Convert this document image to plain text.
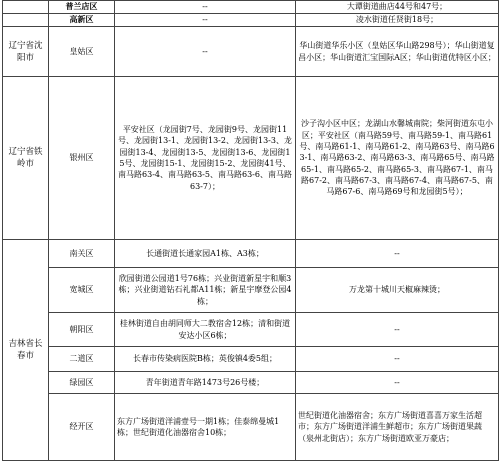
	普兰店区	--	大谭街道曲店44号和47号；
	高新区	--	凌水街道任贤街18号；
辽宁省沈阳市	皇姑区	--	华山街道华乐小区（皇姑区华山路298号）；华山街道复昌小区；华山街道汇宝国际A区；华山街道优特区小区；
辽宁省铁岭市	银州区	平安社区（龙园街7号、龙园街9号、龙园街11号、龙园街13-1、龙园街13-2、龙园街13-3、龙园街13-4、龙园街13-5、龙园街13-6、龙园街15号、龙园街15-1、龙园街15-2、龙园街41号、南马路63-4、南马路63-5、南马路63-6、南马路63-7）；	沙子沟小区中区；龙湖山水馨城南院；柴河街道东屯小区；平安社区（南马路59号、南马路59-1、南马路61号、南马路61-1、南马路61-2、南马路63号、南马路63-1、南马路63-2、南马路63-3、南马路65号、南马路65-1、南马路65-2、南马路65-3、南马路67-1、南马路67-2、南马路67-3、南马路67-4、南马路67-5、南马路67-6、南马路69号和龙园街5号）；
吉林省长春市	南关区	长通街道长通家园A1栋、A3栋；	--
	宽城区	欣园街道公园道1号76栋；兴业街道新星宇和顺3栋；兴业街道钻石礼都A11栋；新星宇摩登公园4栋；	万龙第十城川天椒麻辣烫；
	朝阳区	桂林街道自由胡同师大二教宿舍12栋；清和街道安达小区6栋；	--
	二道区	长春市传染病医院B栋；英俊镇4委5组；	--
	绿园区	青年街道青年路1473号26号楼；	--
	经开区	东方广场街道洋浦壹号一期1栋；佳泰绵曼城1栋；世纪街道化油器宿舍10栋；	世纪街道化油器宿舍；东方广场街道喜喜万家生活超市；东方广场街道洋浦生鲜超市；东方广场街道果蔬（泉州北街店）；东方广场街道欧亚万豪店；
